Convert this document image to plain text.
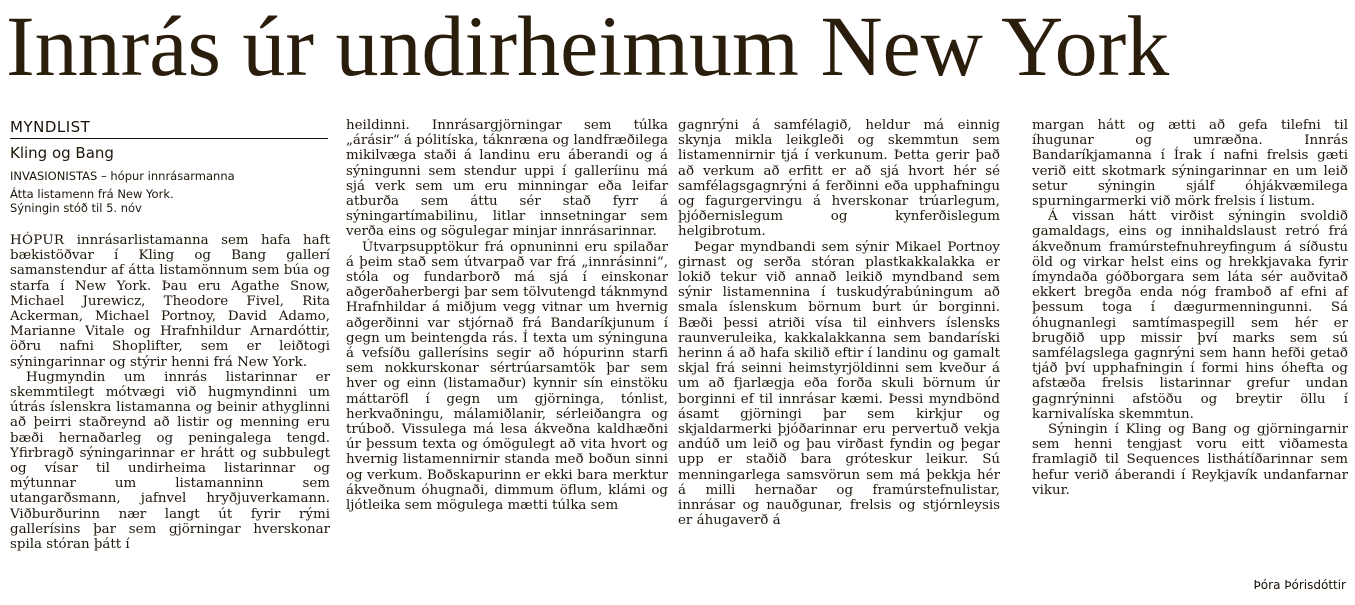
Innrás úr undirheimum New York
MYNDLIST
Kling og Bang
INVASIONISTAS – hópur innrásarmanna
Átta listamenn frá New York.
Sýningin stóð til 5. nóv

HÓPUR innrásarlistamanna sem hafa haft bækistöðvar í Kling og Bang gallerí samanstendur af átta listamönnum sem búa og starfa í New York. Þau eru Agathe Snow, Michael Jurewicz, Theodore Fivel, Rita Ackerman, Michael Portnoy, David Adamo, Marianne Vitale og Hrafnhildur Arnardóttir, öðru nafni Shoplifter, sem er leiðtogi sýningarinnar og stýrir henni frá New York.

Hugmyndin um innrás listarinnar er skemmtilegt mótvægi við hugmyndinni um útrás íslenskra listamanna og beinir athyglinni að þeirri staðreynd að listir og menning eru bæði hernaðarleg og peningalega tengd. Yfirbragð sýningarinnar er hrátt og subbulegt og vísar til undirheima listarinnar og mýtunnar um listamanninn sem utangarðsmann, jafnvel hryðjuverkamann. Viðburðurinn nær langt út fyrir rými gallerísins þar sem gjörningar hverskonar spila stóran þátt í

heildinni. Innrásargjörningar sem túlka „árásir“ á pólitíska, táknræna og landfræðilega mikilvæga staði á landinu eru áberandi og á sýningunni sem stendur uppi í galleríinu má sjá verk sem um eru minningar eða leifar atburða sem áttu sér stað fyrr á sýningartímabilinu, litlar innsetningar sem verða eins og sögulegar minjar innrásarinnar.

Útvarpsupptökur frá opnuninni eru spilaðar á þeim stað sem útvarpað var frá „innrásinni“, stóla og fundarborð má sjá í einskonar aðgerðaherbergi þar sem tölvutengd táknmynd Hrafnhildar á miðjum vegg vitnar um hvernig aðgerðinni var stjórnað frá Bandaríkjunum í gegn um beintengda rás. Í texta um sýninguna á vefsíðu gallerísins segir að hópurinn starfi sem nokkurskonar sértrúarsamtök þar sem hver og einn (listamaður) kynnir sín einstöku máttaröfl í gegn um gjörninga, tónlist, herkvaðningu, málamiðlanir, sérleiðangra og trúboð. Vissulega má lesa ákveðna kaldhæðni úr þessum texta og ómögulegt að vita hvort og hvernig listamennirnir standa með boðun sinni og verkum. Boðskapurinn er ekki bara merktur ákveðnum óhugnaði, dimmum öflum, klámi og ljótleika sem mögulega mætti túlka sem

gagnrýni á samfélagið, heldur má einnig skynja mikla leikgleði og skemmtun sem listamennirnir tjá í verkunum. Þetta gerir það að verkum að erfitt er að sjá hvort hér sé samfélagsgagnrýni á ferðinni eða upphafningu og fagurgervingu á hverskonar trúarlegum, þjóðernislegum og kynferðislegum helgibrotum.

Þegar myndbandi sem sýnir Mikael Portnoy girnast og serða stóran plastkakkalakka er lokið tekur við annað leikið myndband sem sýnir listamennina í tuskudýrabúningum að smala íslenskum börnum burt úr borginni. Bæði þessi atriði vísa til einhvers íslensks raunveruleika, kakkalakkanna sem bandaríski herinn á að hafa skilið eftir í landinu og gamalt skjal frá seinni heimstyrjöldinni sem kveður á um að fjarlægja eða forða skuli börnum úr borginni ef til innrásar kæmi. Þessi myndbönd ásamt gjörningi þar sem kirkjur og skjaldarmerki þjóðarinnar eru pervertuð vekja andúð um leið og þau virðast fyndin og þegar upp er staðið bara gróteskur leikur. Sú menningarlega samsvörun sem má þekkja hér á milli hernaðar og framúrstefnulistar, innrásar og nauðgunar, frelsis og stjórnleysis er áhugaverð á

margan hátt og ætti að gefa tilefni til íhugunar og umræðna. Innrás Bandaríkjamanna í Írak í nafni frelsis gæti verið eitt skotmark sýningarinnar en um leið setur sýningin sjálf óhjákvæmilega spurningarmerki við mörk frelsis í listum.

Á vissan hátt virðist sýningin svoldið gamaldags, eins og innihaldslaust retró frá ákveðnum framúrstefnuhreyfingum á síðustu öld og virkar helst eins og hrekkjavaka fyrir ímyndaða góðborgara sem láta sér auðvitað ekkert bregða enda nóg framboð af efni af þessum toga í dægurmenningunni. Sá óhugnanlegi samtímaspegill sem hér er brugðið upp missir því marks sem sú samfélagslega gagnrýni sem hann hefði getað tjáð því upphafningin í formi hins óhefta og afstæða frelsis listarinnar grefur undan gagnrýninni afstöðu og breytir öllu í karnivalíska skemmtun.

Sýningin í Kling og Bang og gjörningarnir sem henni tengjast voru eitt viðamesta framlagið til Sequences listhátíðarinnar sem hefur verið áberandi í Reykjavík undanfarnar vikur.

Þóra Þórisdóttir
